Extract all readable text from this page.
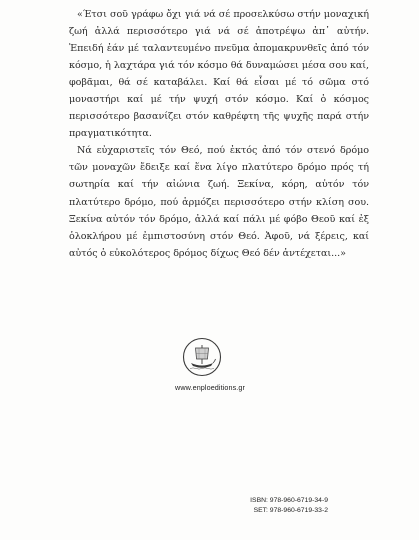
«Έτσι σοῦ γράφω ὄχι γιά νά σέ προσελκύσω στήν μοναχική ζωή ἀλλά περισσότερο γιά νά σέ ἀποτρέψω ἀπ᾿ αὐτήν. Ἐπειδή ἐάν μέ ταλαντευμένο πνεῦμα ἀπομακρυνθεῖς ἀπό τόν κόσμο, ἡ λαχτάρα γιά τόν κόσμο θά δυναμώσει μέσα σου καί, φοβᾶμαι, θά σέ καταβάλει. Καί θά εἶσαι μέ τό σῶμα στό μοναστήρι καί μέ τήν ψυχή στόν κόσμο. Καί ὁ κόσμος περισσότερο βασανίζει στόν καθρέφτη τῆς ψυχῆς παρά στήν πραγματικότητα.

Νά εὐχαριστεῖς τόν Θεό, πού ἐκτός ἀπό τόν στενό δρόμο τῶν μοναχῶν ἔδειξε καί ἕνα λίγο πλατύτερο δρόμο πρός τή σωτηρία καί τήν αἰώνια ζωή. Ξεκίνα, κόρη, αὐτόν τόν πλατύτερο δρόμο, πού ἁρμόζει περισσότερο στήν κλίση σου. Ξεκίνα αὐτόν τόν δρόμο, ἀλλά καί πάλι μέ φόβο Θεοῦ καί ἐξ ὁλοκλήρου μέ ἐμπιστοσύνη στόν Θεό. Ἀφοῦ, νά ξέρεις, καί αὐτός ὁ εὐκολότερος δρόμος δίχως Θεό δέν ἀντέχεται...»

www.enploeditions.gr
ISBN: 978-960-6719-34-9
SET: 978-960-6719-33-2
